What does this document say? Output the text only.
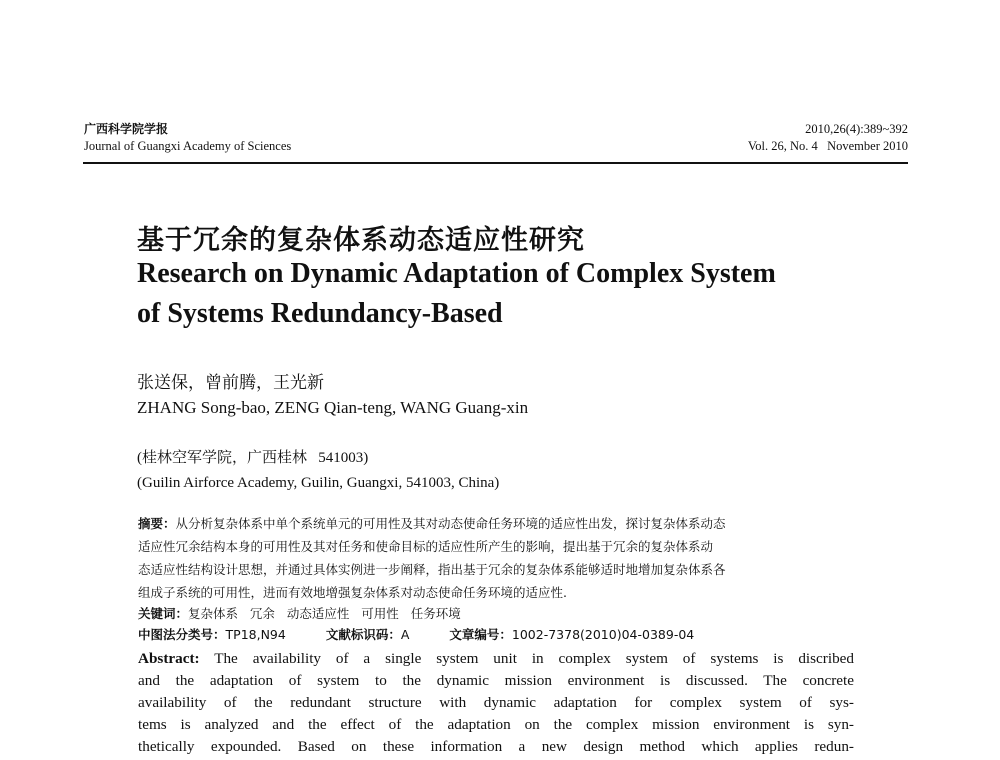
广西科学院学报
Journal of Guangxi Academy of Sciences
2010,26(4):389~392
Vol. 26, No. 4   November 2010
基于冗余的复杂体系动态适应性研究
Research on Dynamic Adaptation of Complex System
of Systems Redundancy-Based
张送保，曾前腾，王光新
ZHANG Song-bao, ZENG Qian-teng, WANG Guang-xin
(桂林空军学院，广西桂林   541003)
(Guilin Airforce Academy, Guilin, Guangxi, 541003, China)
摘要：从分析复杂体系中单个系统单元的可用性及其对动态使命任务环境的适应性出发，探讨复杂体系动态
适应性冗余结构本身的可用性及其对任务和使命目标的适应性所产生的影响，提出基于冗余的复杂体系动
态适应性结构设计思想，并通过具体实例进一步阐释，指出基于冗余的复杂体系能够适时地增加复杂体系各
组成子系统的可用性，进而有效地增强复杂体系对动态使命任务环境的适应性.
关键词：复杂体系   冗余   动态适应性   可用性   任务环境
中图法分类号：TP18,N94	文献标识码：A	文章编号：1002-7378(2010)04-0389-04

Abstract: The availability of a single system unit in complex system of systems is discribed

and the adaptation of system to the dynamic mission environment is discussed. The concrete

availability of the redundant structure with dynamic adaptation for complex system of sys-

tems is analyzed and the effect of the adaptation on the complex mission environment is syn-

thetically expounded. Based on these information a new design method which applies redun-
